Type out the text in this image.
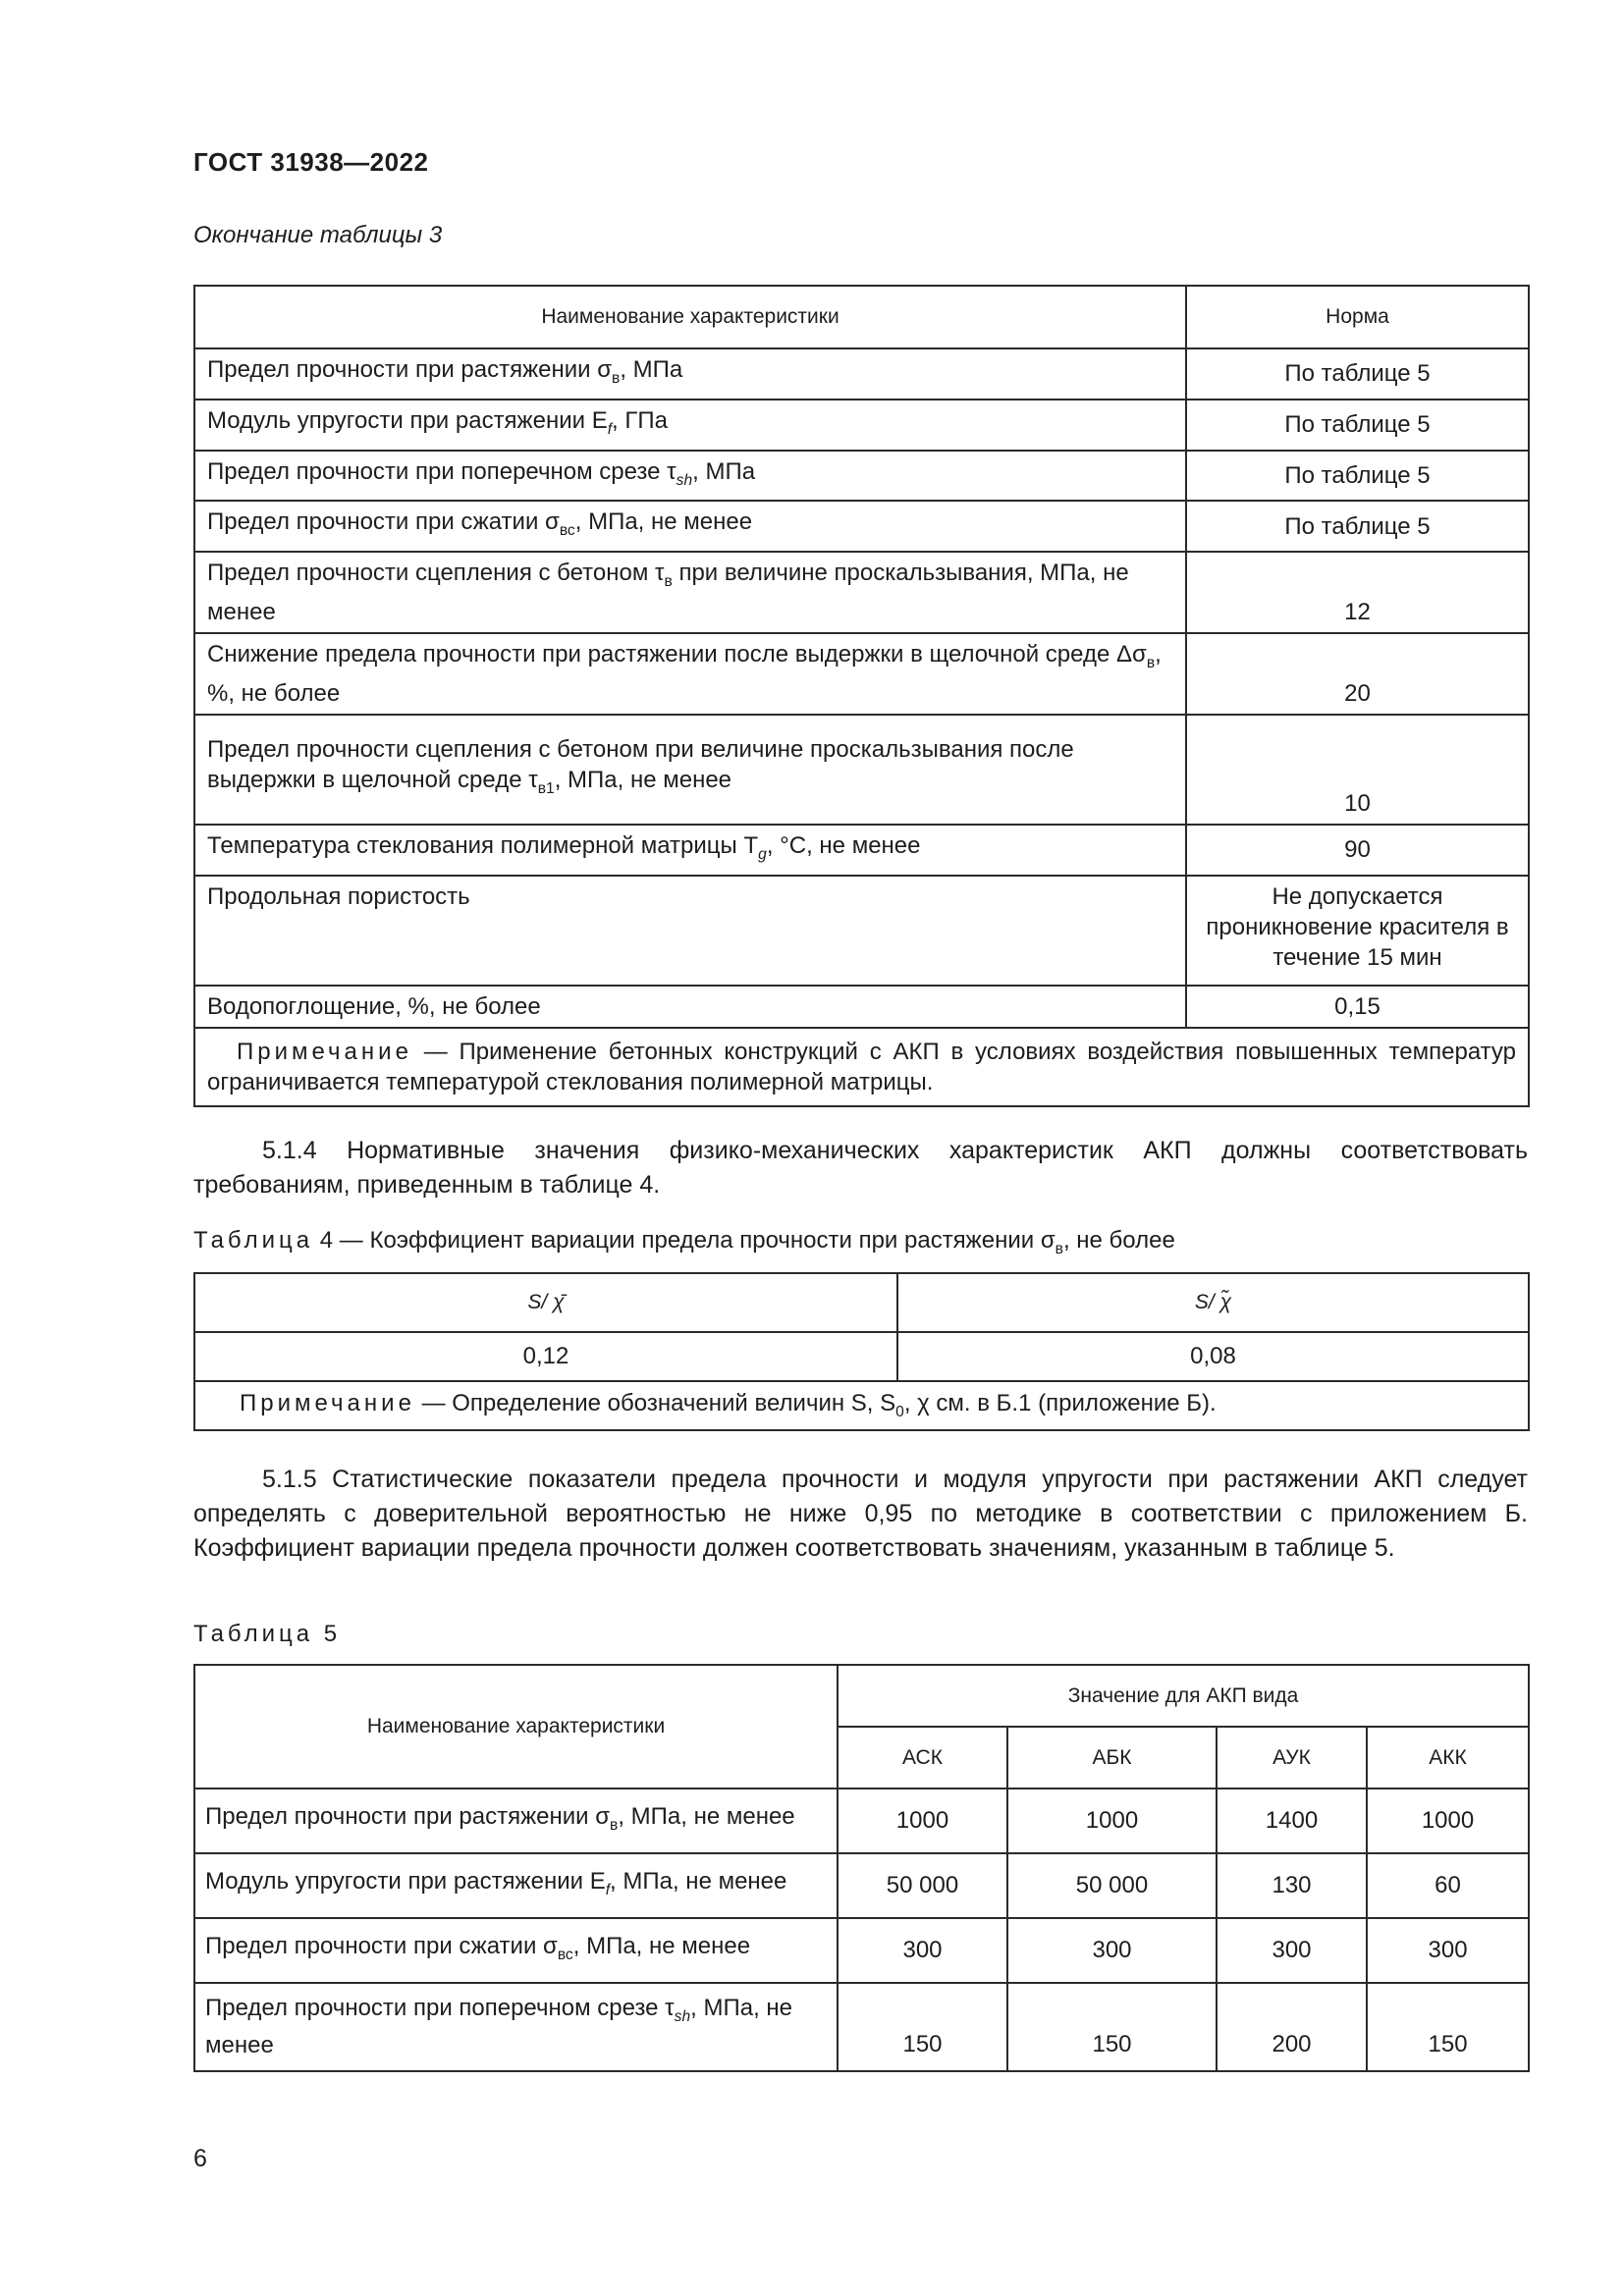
ГОСТ 31938—2022
Окончание таблицы 3
Наименование характеристики	Норма
Предел прочности при растяжении $\sigma_в$, МПа	По таблице 5
Модуль упругости при растяжении $E_f$, ГПа	По таблице 5
Предел прочности при поперечном срезе $\tau_{sh}$, МПа	По таблице 5
Предел прочности при сжатии $\sigma_{вс}$, МПа, не менее	По таблице 5
Предел прочности сцепления с бетоном $\tau_в$ при величине проскальзывания, МПа, не менее	12
Снижение предела прочности при растяжении после выдержки в щелочной среде $\Delta\sigma_в$, %, не более	20
Предел прочности сцепления с бетоном при величине проскальзывания после выдержки в щелочной среде $\tau_{в1}$, МПа, не менее	10
Температура стеклования полимерной матрицы $T_g$, °С, не менее	90
Продольная пористость	Не допускается проникновение красителя в течение 15 мин
Водопоглощение, %, не более	0,15
Примечание — Применение бетонных конструкций с АКП в условиях воздействия повышенных температур ограничивается температурой стеклования полимерной матрицы.	
5.1.4 Нормативные значения физико-механических характеристик АКП должны соответствовать требованиям, приведенным в таблице 4.
Таблица 4 — Коэффициент вариации предела прочности при растяжении $\sigma_в$, не более
S/ χ̄	S/ χ̃
0,12	0,08
Примечание — Определение обозначений величин S, $S_0$, χ см. в Б.1 (приложение Б).	
5.1.5 Статистические показатели предела прочности и модуля упругости при растяжении АКП следует определять с доверительной вероятностью не ниже 0,95 по методике в соответствии с приложением Б. Коэффициент вариации предела прочности должен соответствовать значениям, указанным в таблице 5.
Таблица 5
Наименование характеристики	Значение для АКП вида			
	АСК	АБК	АУК	АКК
Предел прочности при растяжении $\sigma_в$, МПа, не менее	1000	1000	1400	1000
Модуль упругости при растяжении $E_f$, МПа, не менее	50 000	50 000	130	60
Предел прочности при сжатии $\sigma_{вс}$, МПа, не менее	300	300	300	300
Предел прочности при поперечном срезе $\tau_{sh}$, МПа, не менее	150	150	200	150
6
